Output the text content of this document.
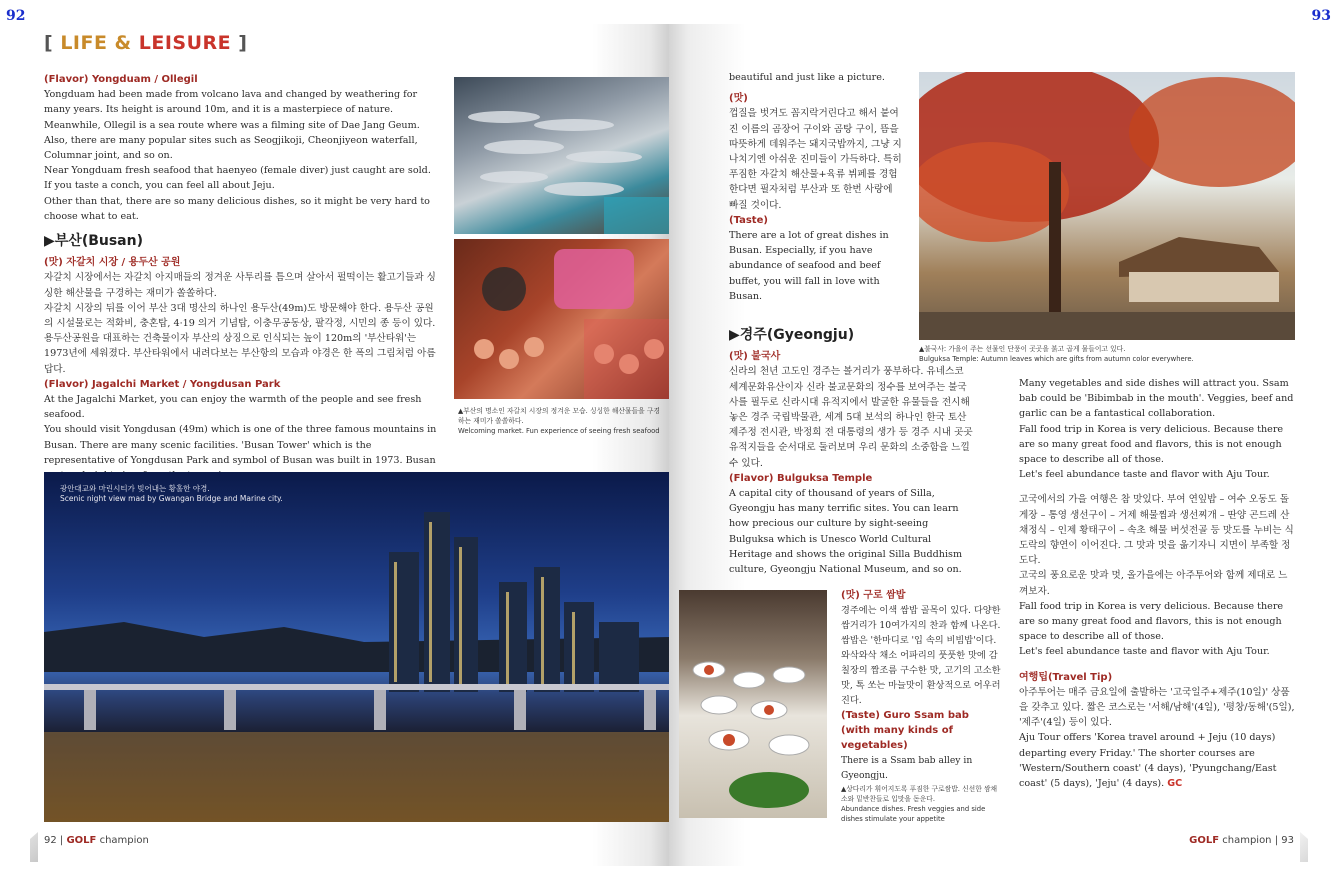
92	93
[ LIFE & LEISURE ]
(Flavor) Yongduam / Ollegil
Yongduam had been made from volcano lava and changed by weathering for many years. Its height is around 10m, and it is a masterpiece of nature. Meanwhile, Ollegil is a sea route where was a filming site of Dae Jang Geum. Also, there are many popular sites such as Seogjikoji, Cheonjiyeon waterfall, Columnar joint, and so on.
Near Yongduam fresh seafood that haenyeo (female diver) just caught are sold. If you taste a conch, you can feel all about Jeju.
Other than that, there are so many delicious dishes, so it might be very hard to choose what to eat.
▶부산(Busan)
(맛) 자갈치 시장 / 용두산 공원
자갈치 시장에서는 자갈치 아지매들의 정겨운 사투리를 틈으며 살아서 펄떡이는 활고기들과 싱싱한 해산물을 구경하는 재미가 쏠쏠하다.
자갈치 시장의 뒤를 이어 부산 3대 명산의 하나인 용두산(49m)도 방문해야 한다. 용두산 공원의 시설물로는 적화비, 충혼탑, 4·19 의거 기념탑, 이충무공동상, 팔각정, 시민의 종 등이 있다. 용두산공원을 대표하는 건축물이자 부산의 상징으로 인식되는 높이 120m의 '부산타워'는 1973년에 세워졌다. 부산타워에서 내려다보는 부산항의 모습과 야경은 한 폭의 그림처럼 아름답다.
(Flavor) Jagalchi Market / Yongdusan Park
At the Jagalchi Market, you can enjoy the warmth of the people and see fresh seafood.
You should visit Yongdusan (49m) which is one of the three famous mountains in Busan. There are many scenic facilities. 'Busan Tower' which is the representative of Yongdusan Park and symbol of Busan was built in 1973. Busan
▲부산의 명소인 자갈치 시장의 정겨운 모습. 싱싱한 해산물들을 구경하는 재미가 쏠쏠하다.
Welcoming market. Fun experience of seeing fresh seafood
광안대교와 마린시티가 빚어내는 황홀한 야경.
Scenic night view mad by Gwangan Bridge and Marine city.
92 | GOLF champion
beautiful and just like a picture.
(맛)
껍질을 벗겨도 꼼지락거린다고 해서 붙여진 이름의 곰장어 구이와 곰탕 구이, 뜸을 따뜻하게 데워주는 돼지국밥까지, 그냥 지나치기엔 아쉬운 진미들이 가득하다. 특히 푸짐한 자갈치 해산물+육류 뷔페를 경험한다면 필자처럼 부산과 또 한번 사랑에 빠질 것이다.
(Taste)
There are a lot of great dishes in Busan. Especially, if you have abundance of seafood and beef buffet, you will fall in love with Busan.
▶경주(Gyeongju)
(맛) 불국사
신라의 천년 고도인 경주는 볼거리가 풍부하다. 유네스코 세계문화유산이자 신라 불교문화의 정수를 보여주는 불국사를 필두로 신라시대 유적지에서 발굴한 유물들을 전시해 놓은 경주 국립박물관, 세계 5대 보석의 하나인 한국 토산 제주정 전시관, 박정희 전 대통령의 생가 등 경주 시내 곳곳 유적지들을 순서대로 둘러보며 우리 문화의 소중함을 느낄 수 있다.
(Flavor) Bulguksa Temple
A capital city of thousand of years of Silla, Gyeongju has many terrific sites. You can learn how precious our culture by sight-seeing Bulguksa which is Unesco World Cultural Heritage and shows the original Silla Buddhism culture, Gyeongju National Museum, and so on.
▲불국사: 가을이 주는 선물인 단풍이 곳곳을 붉고 곱게 물들이고 있다.
Bulguksa Temple: Autumn leaves which are gifts from autumn color everywhere.
Many vegetables and side dishes will attract you. Ssam bab could be 'Bibimbab in the mouth'. Veggies, beef and garlic can be a fantastical collaboration.
Fall food trip in Korea is very delicious. Because there are so many great food and flavors, this is not enough space to describe all of those.
Let's feel abundance taste and flavor with Aju Tour.
고국에서의 가을 여행은 참 맛있다. 부여 연잎밥 – 여수 오동도 돌게장 – 통영 생선구이 – 거제 해물찜과 생선찌개 – 딴양 곤드레 산채정식 – 인제 황태구이 – 속초 해물 버섯전골 등 맛도를 누비는 식도락의 향연이 이어진다. 그 맛과 멋을 옮기자니 지면이 부족할 정도다.
고국의 풍요로운 맛과 멋, 올가을에는 아주투어와 함께 제대로 느껴보자.
Fall food trip in Korea is very delicious. Because there are so many great food and flavors, this is not enough space to describe all of those.
Let's feel abundance taste and flavor with Aju Tour.
여행팁(Travel Tip)
아주투어는 매주 금요일에 출발하는 '고국일주+제주(10일)' 상품을 갖추고 있다. 짧은 코스로는 '서해/남해'(4일), '평창/동해'(5일), '제주'(4일) 등이 있다.
Aju Tour offers 'Korea travel around + Jeju (10 days) departing every Friday.' The shorter courses are 'Western/Southern coast' (4 days), 'Pyungchang/East coast' (5 days), 'Jeju' (4 days). GC
(맛) 구로 쌈밥
경주에는 이색 쌈밥 골목이 있다. 다양한 쌈거리가 10여가지의 찬과 함께 나온다. 쌈밥은 '한마디로 '입 속의 비빔밥'이다. 와삭와삭 채소 어파리의 풋풋한 맛에 감칠장의 짭조름 구수한 맛, 고기의 고소한 맛, 톡 쏘는 마늘맛이 환상적으로 어우러진다.
(Taste) Guro Ssam bab (with many kinds of vegetables)
There is a Ssam bab alley in Gyeongju.
▲상다리가 휘어지도록 푸짐한 구로쌈밥. 신선한 쌈채소와 밑반찬들로 입맛을 돋운다.
Abundance dishes. Fresh veggies and side dishes stimulate your appetite
GOLF champion | 93
